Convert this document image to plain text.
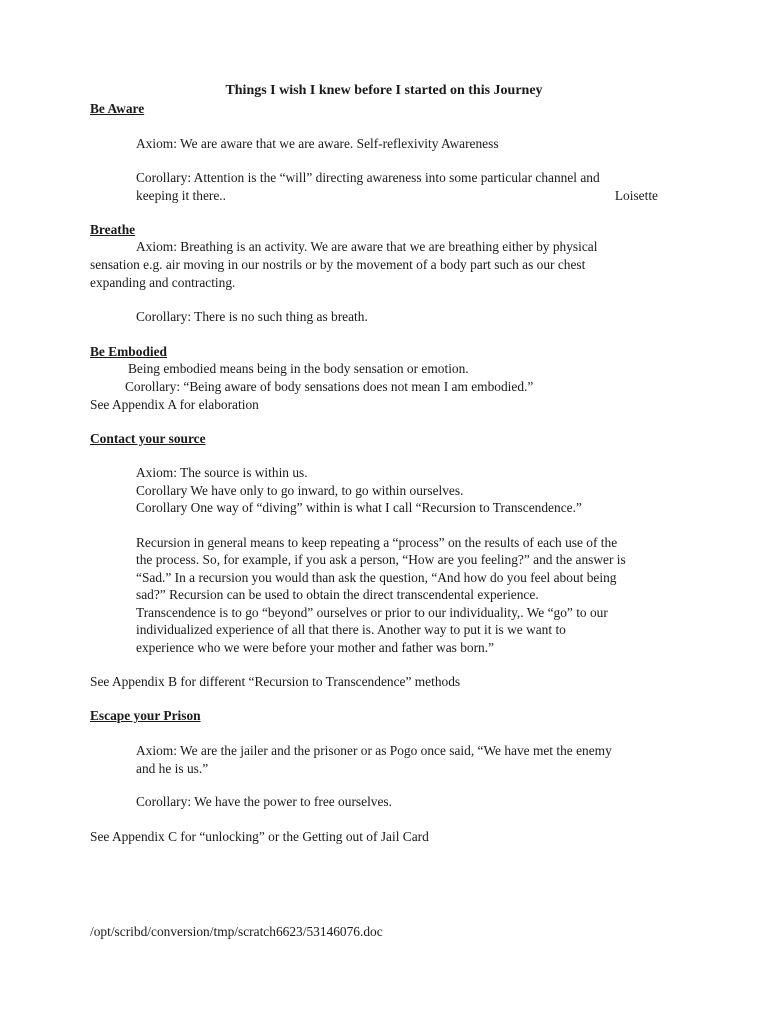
Things I wish I knew before I started on this Journey
Be Aware
Axiom: We are aware that we are aware. Self-reflexivity Awareness
Corollary: Attention is the “will” directing awareness into some particular channel and
keeping it there..	Loisette
Breathe
Axiom: Breathing is an activity. We are aware that we are breathing either by physical
sensation e.g. air moving in our nostrils or by the movement of a body part such as our chest
expanding and contracting.
Corollary: There is no such thing as breath.
Be Embodied
Being embodied means being in the body sensation or emotion.
Corollary: “Being aware of body sensations does not mean I am embodied.”
See Appendix A for elaboration
Contact your source
Axiom: The source is within us.
Corollary We have only to go inward, to go within ourselves.
Corollary One way of “diving” within is what I call “Recursion to Transcendence.”
Recursion in general means to keep repeating a “process” on the results of each use of the
the process. So, for example, if you ask a person, “How are you feeling?” and the answer is
“Sad.” In a recursion you would than ask the question, “And how do you feel about being
sad?” Recursion can be used to obtain the direct transcendental experience.
Transcendence is to go “beyond” ourselves or prior to our individuality,. We “go” to our
individualized experience of all that there is. Another way to put it is we want to
experience who we were before your mother and father was born.”
See Appendix B for different “Recursion to Transcendence” methods
Escape your Prison
Axiom: We are the jailer and the prisoner or as Pogo once said, “We have met the enemy
and he is us.”
Corollary: We have the power to free ourselves.
See Appendix C for “unlocking” or the Getting out of Jail Card
/opt/scribd/conversion/tmp/scratch6623/53146076.doc
